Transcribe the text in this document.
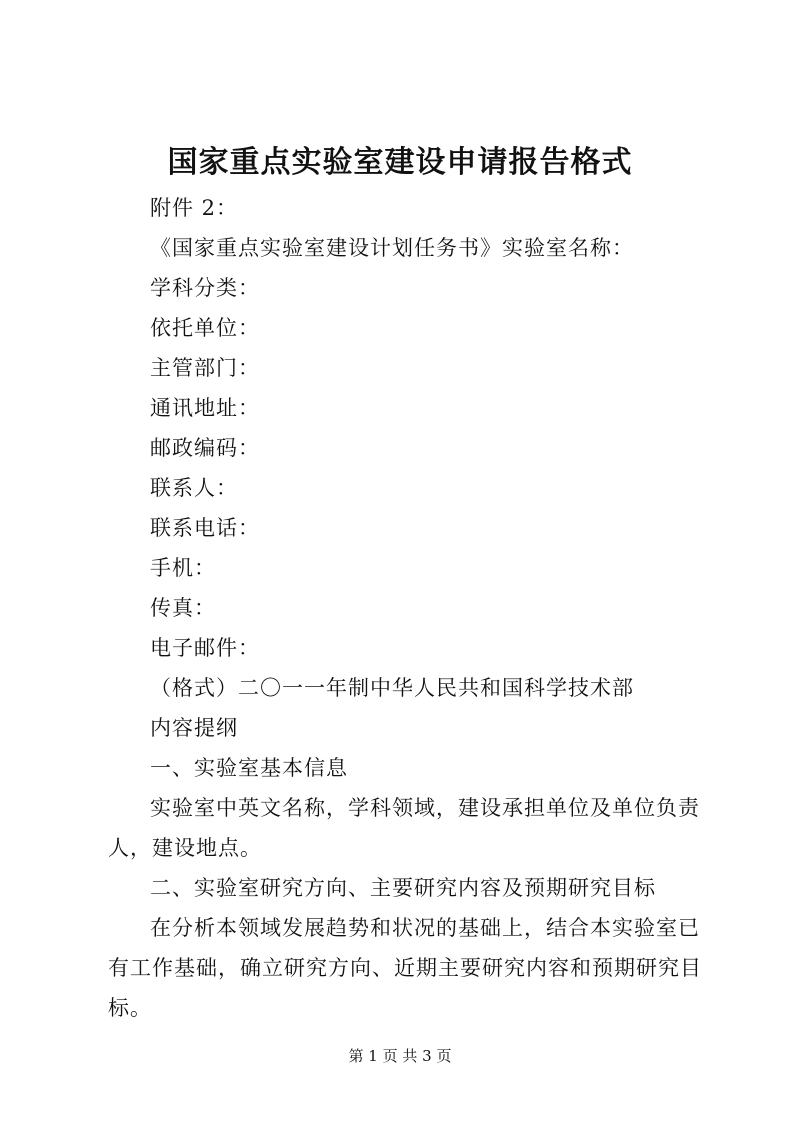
国家重点实验室建设申请报告格式
附件 2：
《国家重点实验室建设计划任务书》实验室名称：
学科分类：
依托单位：
主管部门：
通讯地址：
邮政编码：
联系人：
联系电话：
手机：
传真：
电子邮件：
（格式）二〇一一年制中华人民共和国科学技术部
内容提纲
一、实验室基本信息

实验室中英文名称，学科领域，建设承担单位及单位负责人，建设地点。

二、实验室研究方向、主要研究内容及预期研究目标

在分析本领域发展趋势和状况的基础上，结合本实验室已有工作基础，确立研究方向、近期主要研究内容和预期研究目标。

第 1 页 共 3 页
